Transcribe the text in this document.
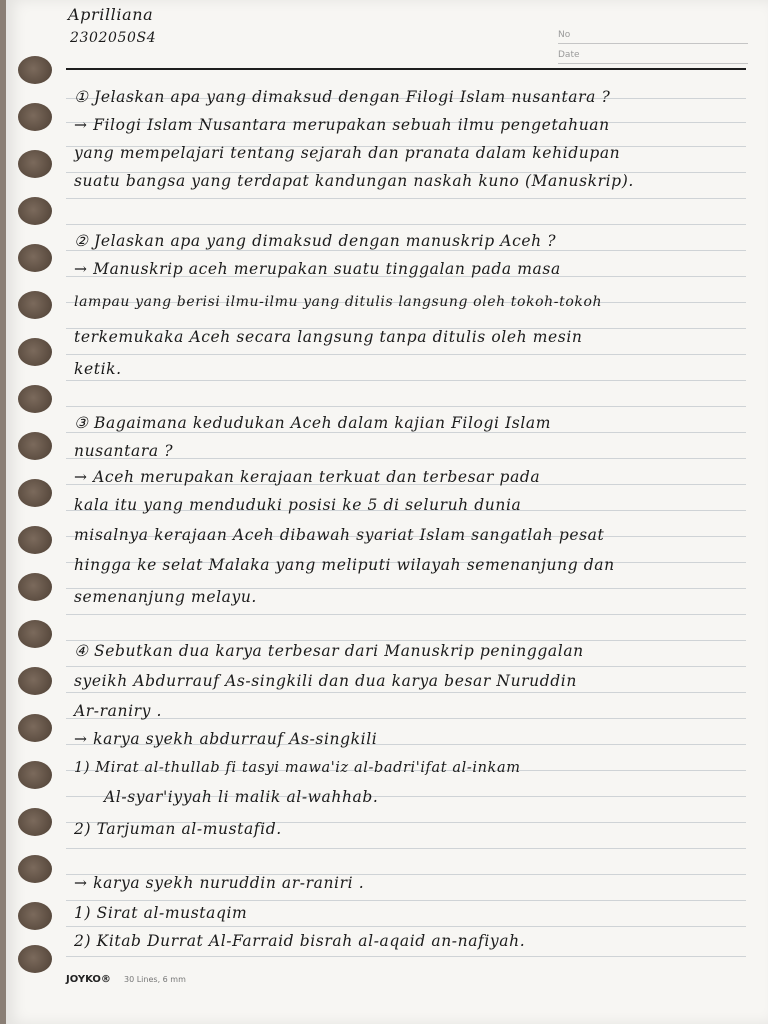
No
Date
Aprilliana
2302050S4
① Jelaskan apa yang dimaksud dengan Filogi Islam nusantara ?
→ Filogi Islam Nusantara merupakan sebuah ilmu pengetahuan
yang mempelajari tentang sejarah dan pranata dalam kehidupan
suatu bangsa yang terdapat kandungan naskah kuno (Manuskrip).
② Jelaskan apa yang dimaksud dengan manuskrip Aceh ?
→ Manuskrip aceh merupakan suatu tinggalan pada masa
lampau yang berisi ilmu-ilmu yang ditulis langsung oleh tokoh-tokoh
terkemukaka Aceh secara langsung tanpa ditulis oleh mesin
ketik.
③ Bagaimana kedudukan Aceh dalam kajian Filogi Islam
nusantara ?
→ Aceh merupakan kerajaan terkuat dan terbesar pada
kala itu yang menduduki posisi ke 5 di seluruh dunia
misalnya kerajaan Aceh dibawah syariat Islam sangatlah pesat
hingga ke selat Malaka yang meliputi wilayah semenanjung dan
semenanjung melayu.
④ Sebutkan dua karya terbesar dari Manuskrip peninggalan
syeikh Abdurrauf As-singkili dan dua karya besar Nuruddin
Ar-raniry .
→ karya syekh abdurrauf As-singkili
1) Mirat al-thullab fi tasyi mawa'iz al-badri'ifat al-inkam
Al-syar'iyyah li malik al-wahhab.
2) Tarjuman al-mustafid.
→ karya syekh nuruddin ar-raniri .
1) Sirat al-mustaqim
2) Kitab Durrat Al-Farraid bisrah al-aqaid an-nafiyah.
JOYKO® 30 Lines, 6 mm
